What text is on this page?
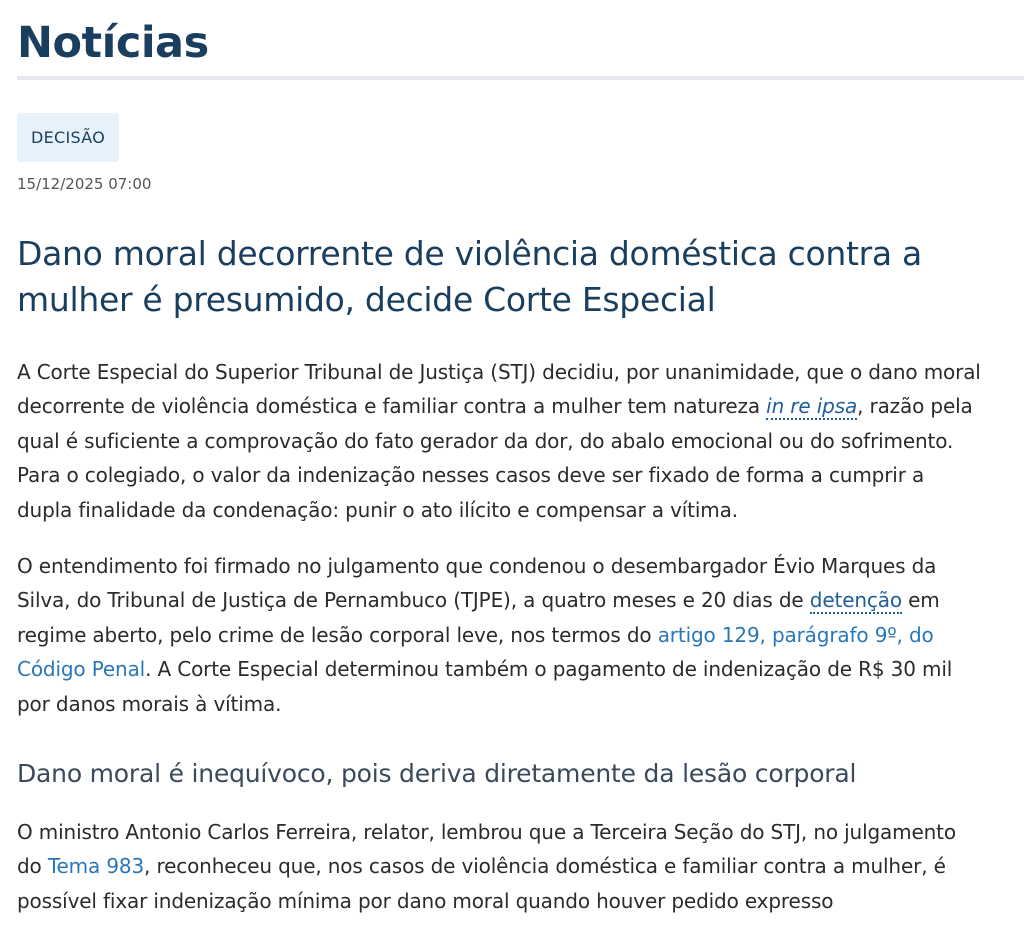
Notícias
DECISÃO
15/12/2025 07:00
Dano moral decorrente de violência doméstica contra a mulher é presumido, decide Corte Especial

A Corte Especial do Superior Tribunal de Justiça (STJ) decidiu, por unanimidade, que o dano moral decorrente de violência doméstica e familiar contra a mulher tem natureza in re ipsa, razão pela qual é suficiente a comprovação do fato gerador da dor, do abalo emocional ou do sofrimento. Para o colegiado, o valor da indenização nesses casos deve ser fixado de forma a cumprir a dupla finalidade da condenação: punir o ato ilícito e compensar a vítima.

O entendimento foi firmado no julgamento que condenou o desembargador Évio Marques da Silva, do Tribunal de Justiça de Pernambuco (TJPE), a quatro meses e 20 dias de detenção em regime aberto, pelo crime de lesão corporal leve, nos termos do artigo 129, parágrafo 9º, do Código Penal. A Corte Especial determinou também o pagamento de indenização de R$ 30 mil por danos morais à vítima.

Dano moral é inequívoco, pois deriva diretamente da lesão corporal

O ministro Antonio Carlos Ferreira, relator, lembrou que a Terceira Seção do STJ, no julgamento do Tema 983, reconheceu que, nos casos de violência doméstica e familiar contra a mulher, é possível fixar indenização mínima por dano moral quando houver pedido expresso
